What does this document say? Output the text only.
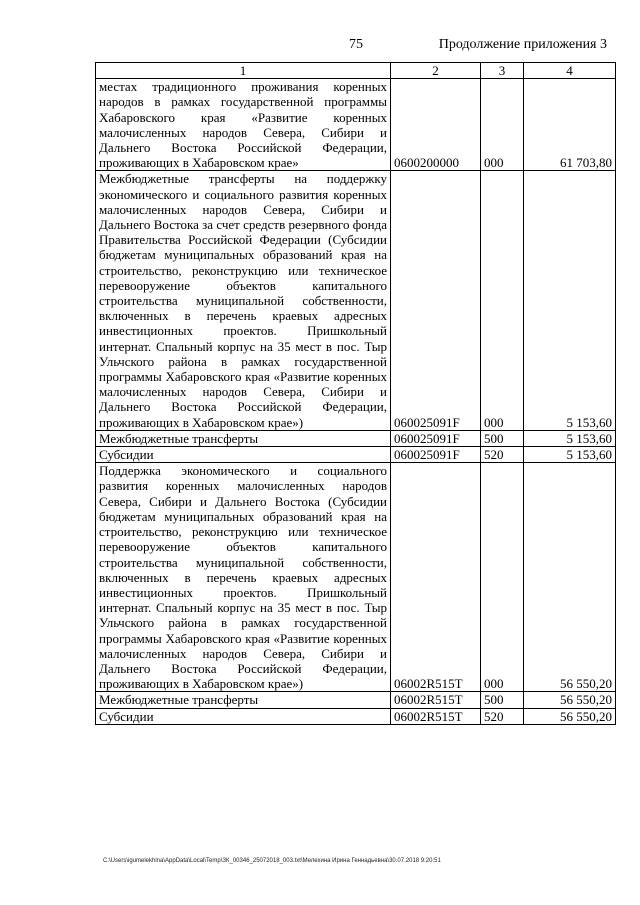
75	Продолжение приложения 3
1	2	3	4
местах традиционного проживания коренных народов в рамках государственной программы Хабаровского края «Развитие коренных малочисленных народов Севера, Сибири и Дальнего Востока Российской Федерации, проживающих в Хабаровском крае»	0600200000	000	61 703,80
Межбюджетные трансферты на поддержку экономического и социального развития коренных малочисленных народов Севера, Сибири и Дальнего Востока за счет средств резервного фонда Правительства Российской Федерации (Субсидии бюджетам муниципальных образований края на строительство, реконструкцию или техническое перевооружение объектов капитального строительства муниципальной собственности, включенных в перечень краевых адресных инвестиционных проектов. Пришкольный интернат. Спальный корпус на 35 мест в пос. Тыр Ульчского района в рамках государственной программы Хабаровского края «Развитие коренных малочисленных народов Севера, Сибири и Дальнего Востока Российской Федерации, проживающих в Хабаровском крае»)	060025091F	000	5 153,60
Межбюджетные трансферты	060025091F	500	5 153,60
Субсидии	060025091F	520	5 153,60
Поддержка экономического и социального развития коренных малочисленных народов Севера, Сибири и Дальнего Востока (Субсидии бюджетам муниципальных образований края на строительство, реконструкцию или техническое перевооружение объектов капитального строительства муниципальной собственности, включенных в перечень краевых адресных инвестиционных проектов. Пришкольный интернат. Спальный корпус на 35 мест в пос. Тыр Ульчского района в рамках государственной программы Хабаровского края «Развитие коренных малочисленных народов Севера, Сибири и Дальнего Востока Российской Федерации, проживающих в Хабаровском крае»)	06002R515T	000	56 550,20
Межбюджетные трансферты	06002R515T	500	56 550,20
Субсидии	06002R515T	520	56 550,20
C:\Users\igumelekhina\AppData\Local\Temp\ЗК_00346_25072018_003.txt\Мелехина Ирина Геннадьевна\30.07.2018 9:20:51
